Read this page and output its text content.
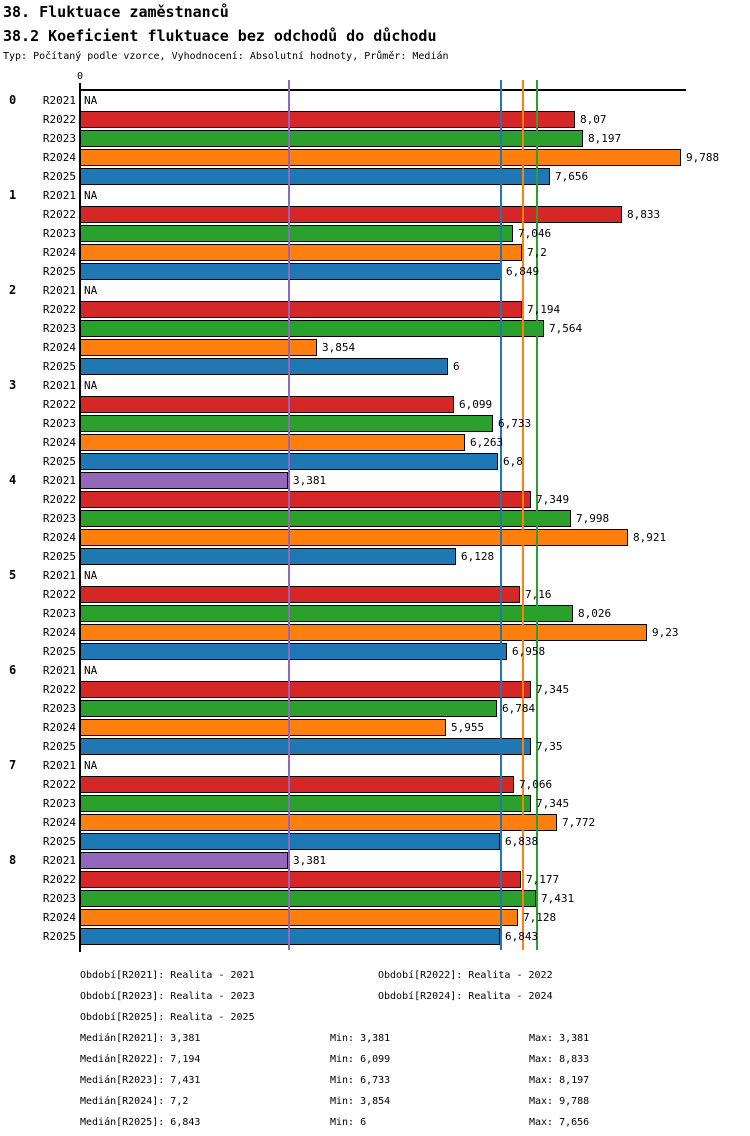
38. Fluktuace zaměstnanců
38.2 Koeficient fluktuace bez odchodů do důchodu
Typ: Počítaný podle vzorce, Vyhodnocení: Absolutní hodnoty, Průměr: Medián
0
0	R2021 NA
R2022	8,07
R2023	8,197
R2024	9,788
R2025	7,656
1	R2021 NA
R2022	8,833
R2023	7,046
R2024	7,2
R2025	6,849
2	R2021 NA
R2022	7,194
R2023	7,564
R2024	3,854
R2025	6
3	R2021 NA
R2022	6,099
R2023	6,733
R2024	6,263
R2025	6,8
4	R2021	3,381
R2022	7,349
R2023	7,998
R2024	8,921
R2025	6,128
5	R2021 NA
R2022	7,16
R2023	8,026
R2024	9,23
R2025	6,958
6	R2021 NA
R2022	7,345
R2023	6,784
R2024	5,955
R2025	7,35
7	R2021 NA
R2022	7,066
R2023	7,345
R2024	7,772
R2025	6,838
8	R2021	3,381
R2022	7,177
R2023	7,431
R2024	7,128
R2025	6,843
Období[R2021]: Realita - 2021	Období[R2022]: Realita - 2022
Období[R2023]: Realita - 2023	Období[R2024]: Realita - 2024
Období[R2025]: Realita - 2025
Medián[R2021]: 3,381	Min: 3,381	Max: 3,381
Medián[R2022]: 7,194	Min: 6,099	Max: 8,833
Medián[R2023]: 7,431	Min: 6,733	Max: 8,197
Medián[R2024]: 7,2	Min: 3,854	Max: 9,788
Medián[R2025]: 6,843	Min: 6	Max: 7,656
